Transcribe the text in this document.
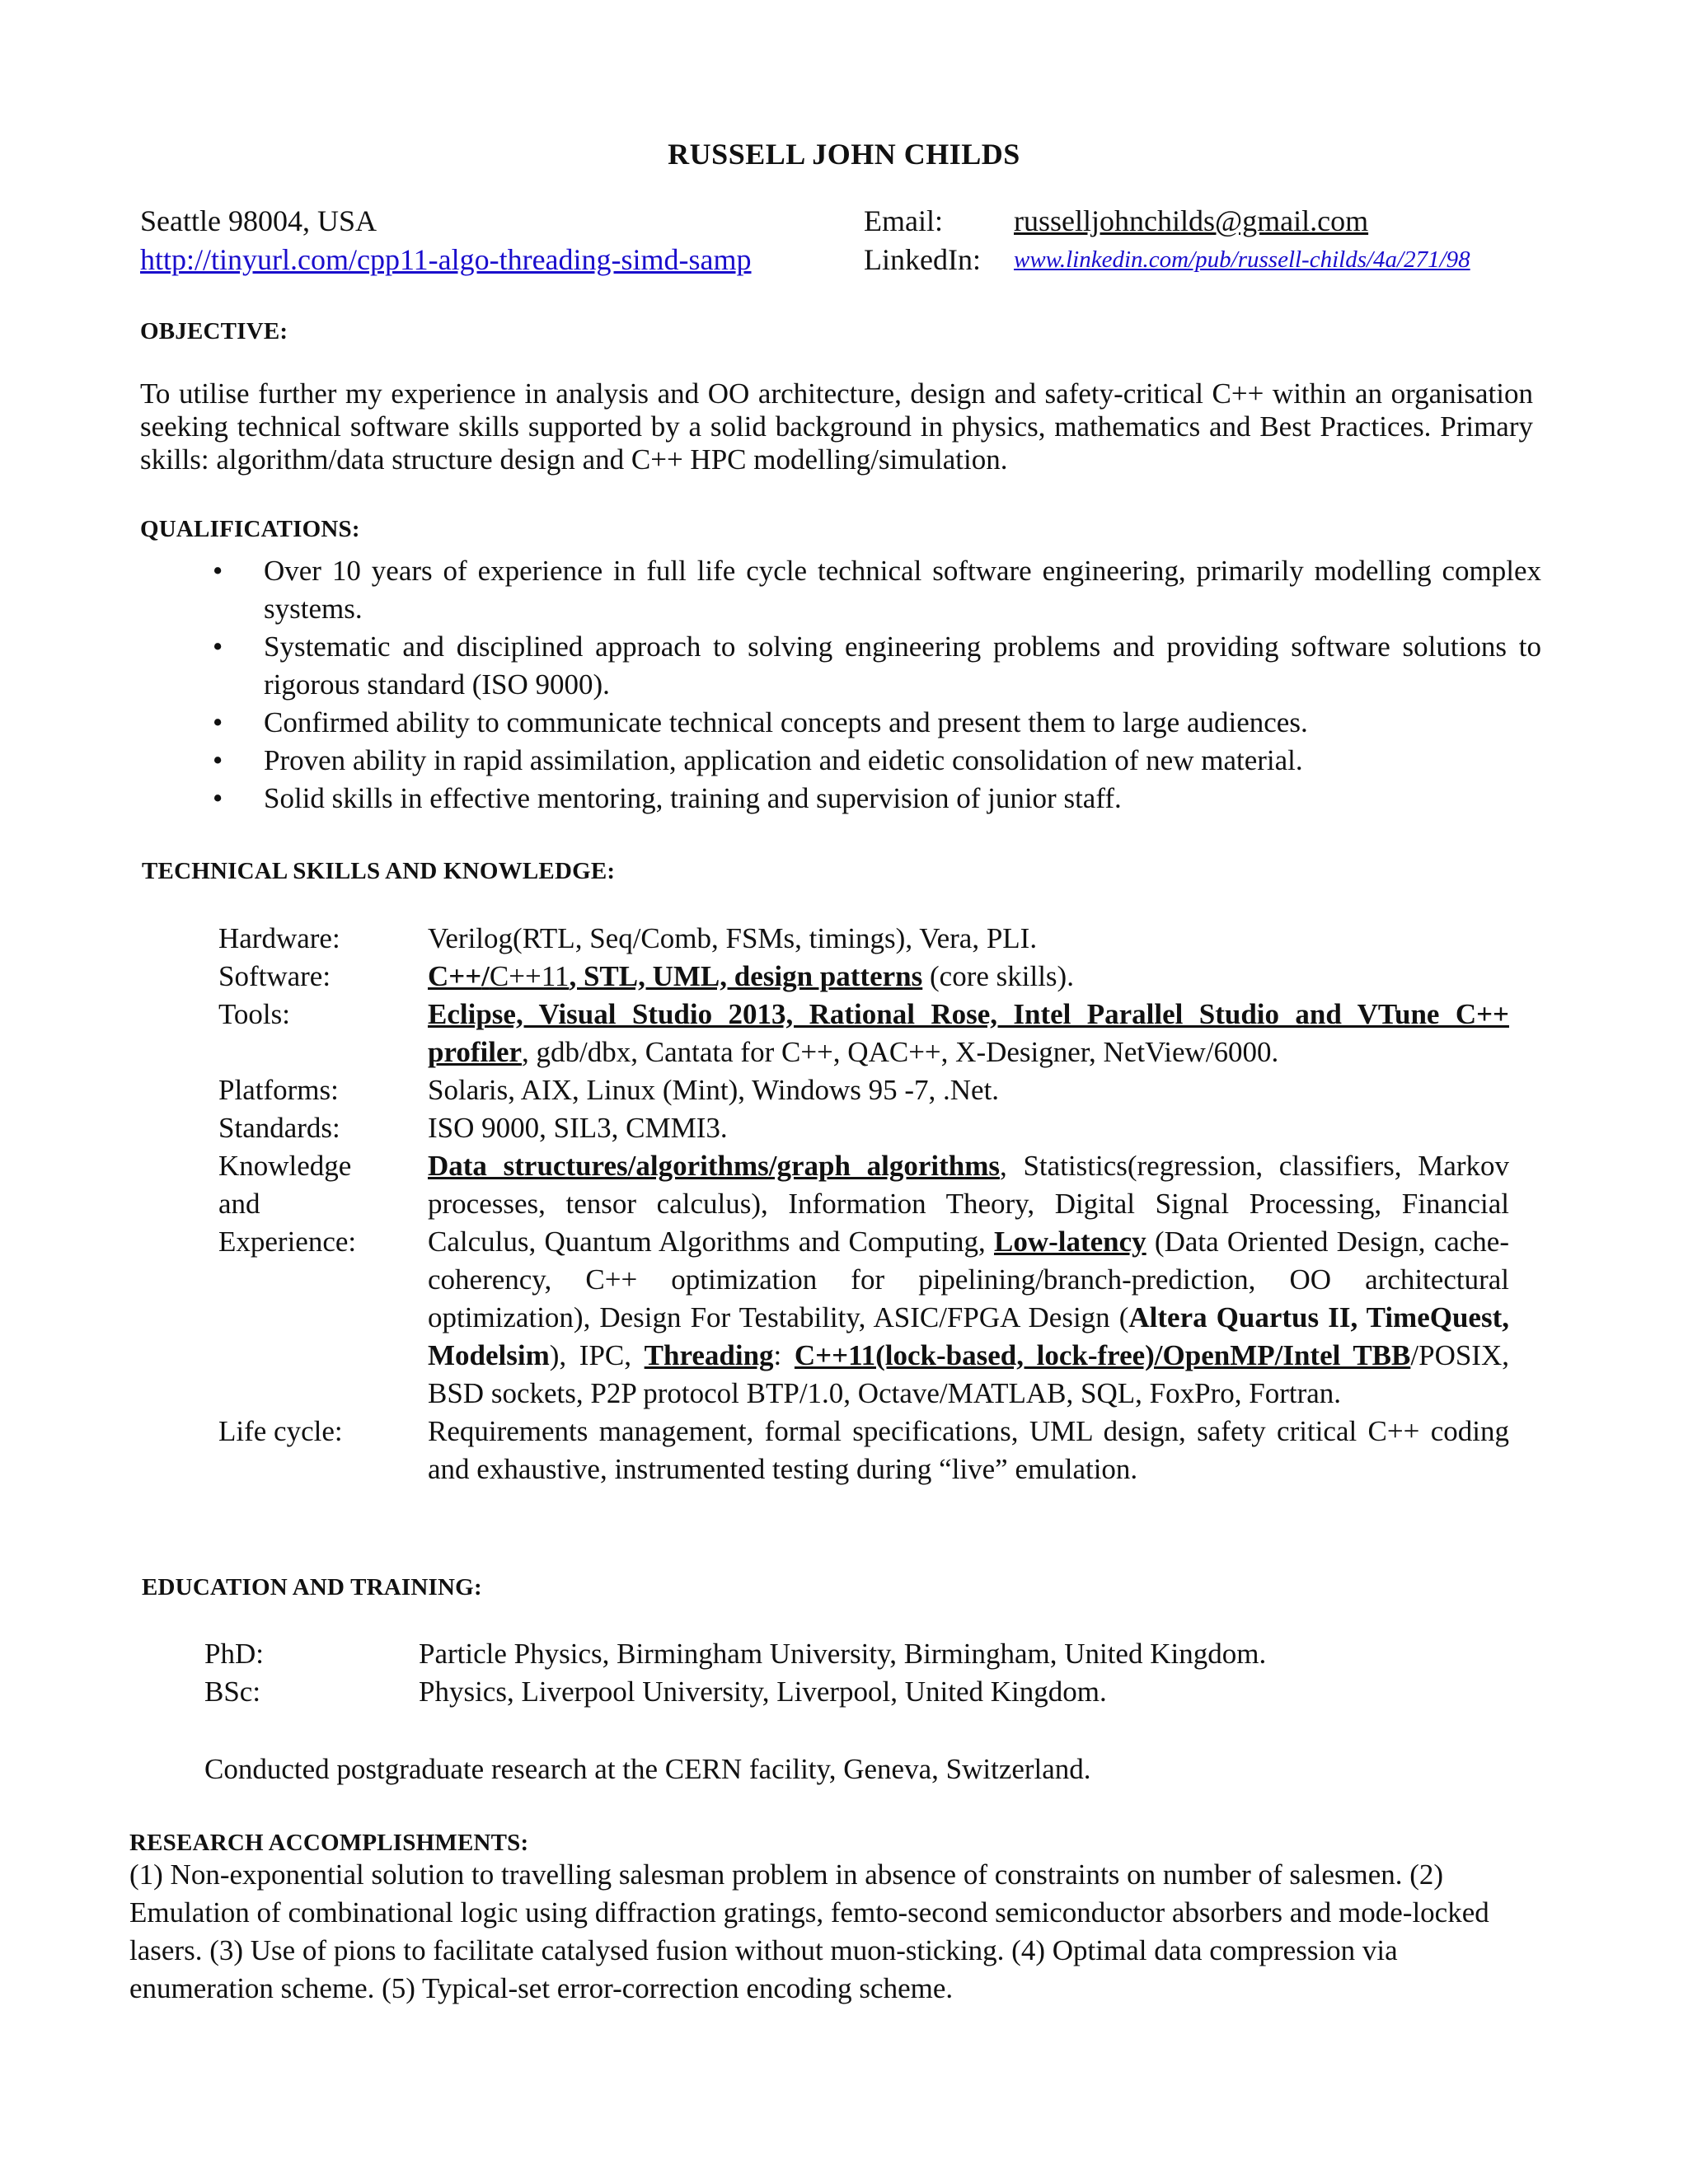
RUSSELL JOHN CHILDS
Seattle 98004, USA
http://tinyurl.com/cpp11-algo-threading-simd-samp
Email: russelljohnchilds@gmail.com
LinkedIn: www.linkedin.com/pub/russell-childs/4a/271/98
OBJECTIVE:
To utilise further my experience in analysis and OO architecture, design and safety-critical C++ within an organisation seeking technical software skills supported by a solid background in physics, mathematics and Best Practices. Primary skills: algorithm/data structure design and C++ HPC modelling/simulation.
QUALIFICATIONS:
• Over 10 years of experience in full life cycle technical software engineering, primarily modelling complex systems.
• Systematic and disciplined approach to solving engineering problems and providing software solutions to rigorous standard (ISO 9000).
• Confirmed ability to communicate technical concepts and present them to large audiences.
• Proven ability in rapid assimilation, application and eidetic consolidation of new material.
• Solid skills in effective mentoring, training and supervision of junior staff.
TECHNICAL SKILLS AND KNOWLEDGE:
Hardware:	Verilog(RTL, Seq/Comb, FSMs, timings), Vera, PLI.
Software:	C++/C++11, STL, UML, design patterns (core skills).
Tools:	Eclipse, Visual Studio 2013, Rational Rose, Intel Parallel Studio and VTune C++ profiler, gdb/dbx, Cantata for C++, QAC++, X-Designer, NetView/6000.
Platforms:	Solaris, AIX, Linux (Mint), Windows 95 -7, .Net.
Standards:	ISO 9000, SIL3, CMMI3.
Knowledge
and
Experience:
Data structures/algorithms/graph algorithms, Statistics(regression, classifiers, Markov processes, tensor calculus), Information Theory, Digital Signal Processing, Financial Calculus, Quantum Algorithms and Computing, Low-latency (Data Oriented Design, cache-coherency, C++ optimization for pipelining/branch-prediction, OO architectural optimization), Design For Testability, ASIC/FPGA Design (Altera Quartus II, TimeQuest, Modelsim), IPC, Threading: C++11(lock-based, lock-free)/OpenMP/Intel TBB/POSIX, BSD sockets, P2P protocol BTP/1.0, Octave/MATLAB, SQL, FoxPro, Fortran.
Life cycle:	Requirements management, formal specifications, UML design, safety critical C++ coding and exhaustive, instrumented testing during “live” emulation.
EDUCATION AND TRAINING:
PhD:	Particle Physics, Birmingham University, Birmingham, United Kingdom.
BSc:	Physics, Liverpool University, Liverpool, United Kingdom.
Conducted postgraduate research at the CERN facility, Geneva, Switzerland.
RESEARCH ACCOMPLISHMENTS:
(1) Non-exponential solution to travelling salesman problem in absence of constraints on number of salesmen. (2) Emulation of combinational logic using diffraction gratings, femto-second semiconductor absorbers and mode-locked lasers. (3) Use of pions to facilitate catalysed fusion without muon-sticking. (4) Optimal data compression via enumeration scheme. (5) Typical-set error-correction encoding scheme.
